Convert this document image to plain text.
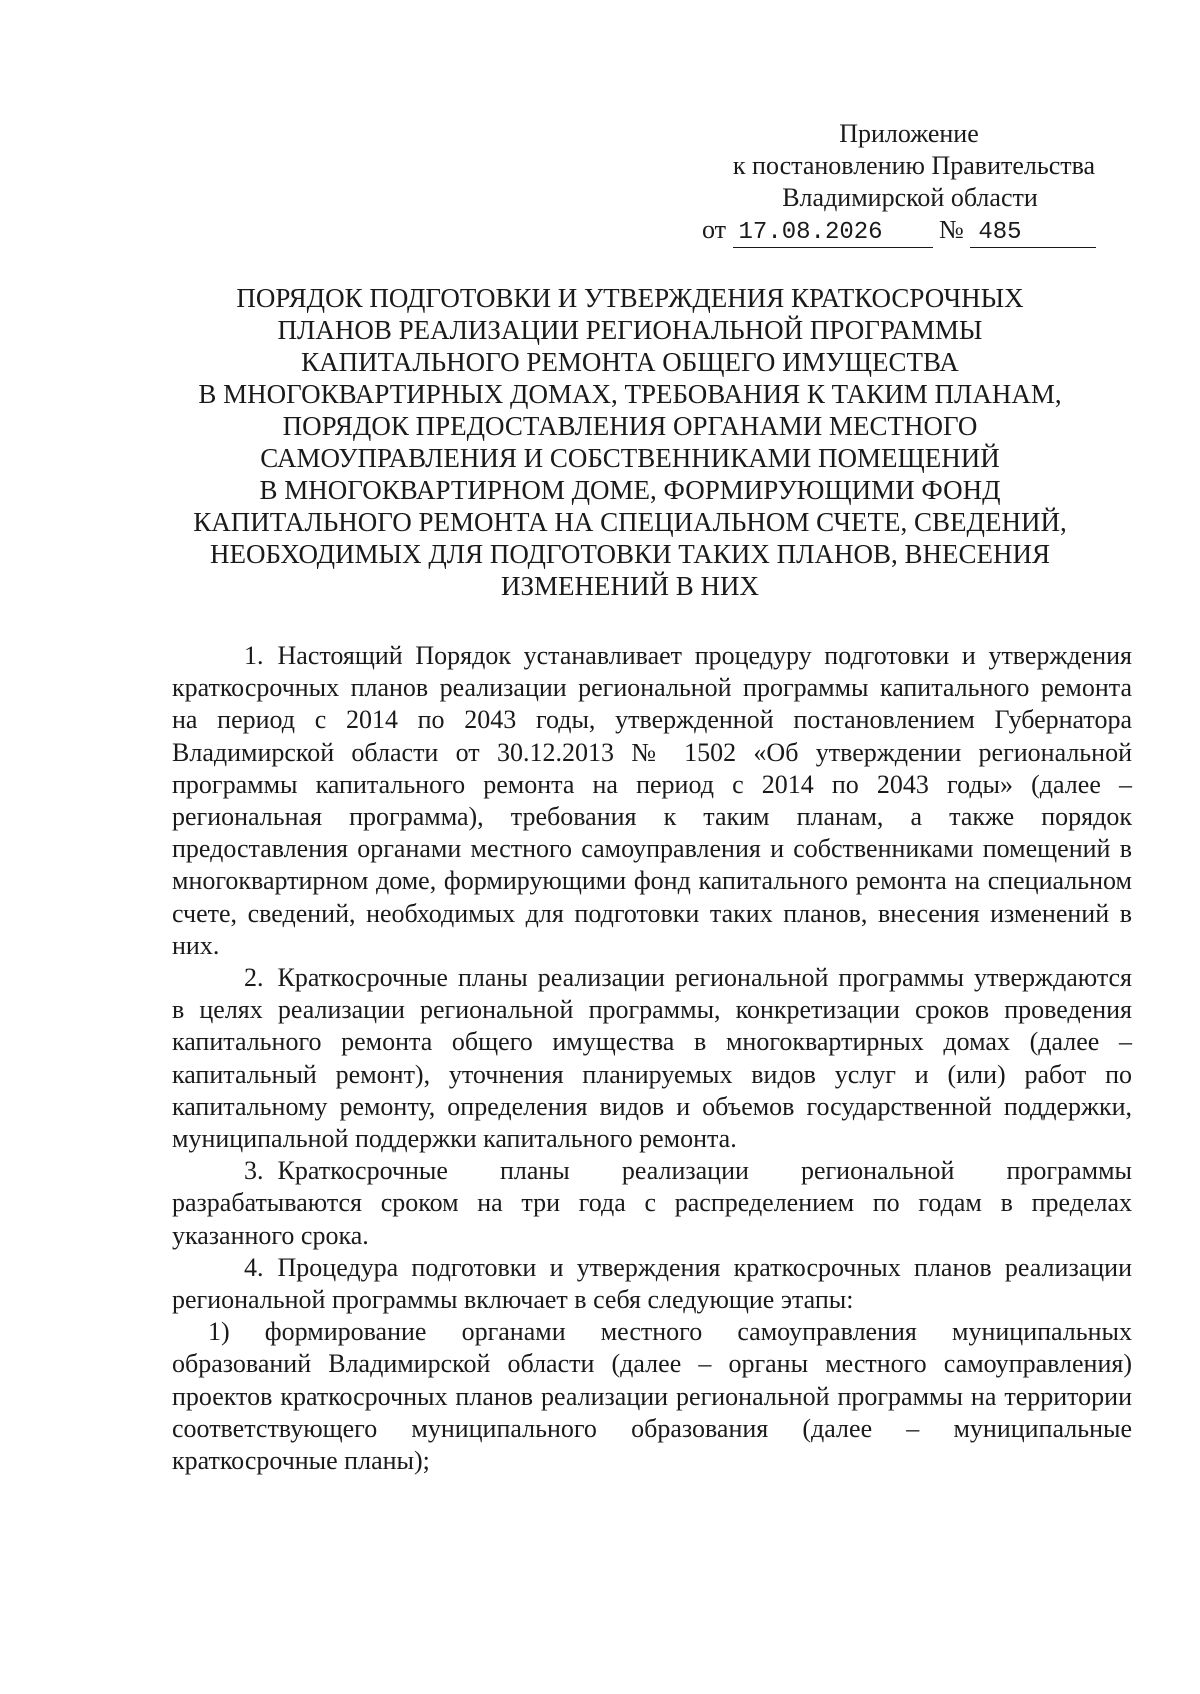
Приложение
к постановлению Правительства
Владимирской области
от 17.08.2026 № 485
ПОРЯДОК ПОДГОТОВКИ И УТВЕРЖДЕНИЯ КРАТКОСРОЧНЫХ
ПЛАНОВ РЕАЛИЗАЦИИ РЕГИОНАЛЬНОЙ ПРОГРАММЫ
КАПИТАЛЬНОГО РЕМОНТА ОБЩЕГО ИМУЩЕСТВА
В МНОГОКВАРТИРНЫХ ДОМАХ, ТРЕБОВАНИЯ К ТАКИМ ПЛАНАМ,
ПОРЯДОК ПРЕДОСТАВЛЕНИЯ ОРГАНАМИ МЕСТНОГО
САМОУПРАВЛЕНИЯ И СОБСТВЕННИКАМИ ПОМЕЩЕНИЙ
В МНОГОКВАРТИРНОМ ДОМЕ, ФОРМИРУЮЩИМИ ФОНД
КАПИТАЛЬНОГО РЕМОНТА НА СПЕЦИАЛЬНОМ СЧЕТЕ, СВЕДЕНИЙ,
НЕОБХОДИМЫХ ДЛЯ ПОДГОТОВКИ ТАКИХ ПЛАНОВ, ВНЕСЕНИЯ
ИЗМЕНЕНИЙ В НИХ

1. Настоящий Порядок устанавливает процедуру подготовки и утверждения краткосрочных планов реализации региональной программы капитального ремонта на период с 2014 по 2043 годы, утвержденной постановлением Губернатора Владимирской области от 30.12.2013 № 1502 «Об утверждении региональной программы капитального ремонта на период с 2014 по 2043 годы» (далее – региональная программа), требования к таким планам, а также порядок предоставления органами местного самоуправления и собственниками помещений в многоквартирном доме, формирующими фонд капитального ремонта на специальном счете, сведений, необходимых для подготовки таких планов, внесения изменений в них.

2. Краткосрочные планы реализации региональной программы утверждаются в целях реализации региональной программы, конкретизации сроков проведения капитального ремонта общего имущества в многоквартирных домах (далее – капитальный ремонт), уточнения планируемых видов услуг и (или) работ по капитальному ремонту, определения видов и объемов государственной поддержки, муниципальной поддержки капитального ремонта.

3. Краткосрочные планы реализации региональной программы разрабатываются сроком на три года с распределением по годам в пределах указанного срока.

4. Процедура подготовки и утверждения краткосрочных планов реализации региональной программы включает в себя следующие этапы:

1) формирование органами местного самоуправления муниципальных образований Владимирской области (далее – органы местного самоуправления) проектов краткосрочных планов реализации региональной программы на территории соответствующего муниципального образования (далее – муниципальные краткосрочные планы);
